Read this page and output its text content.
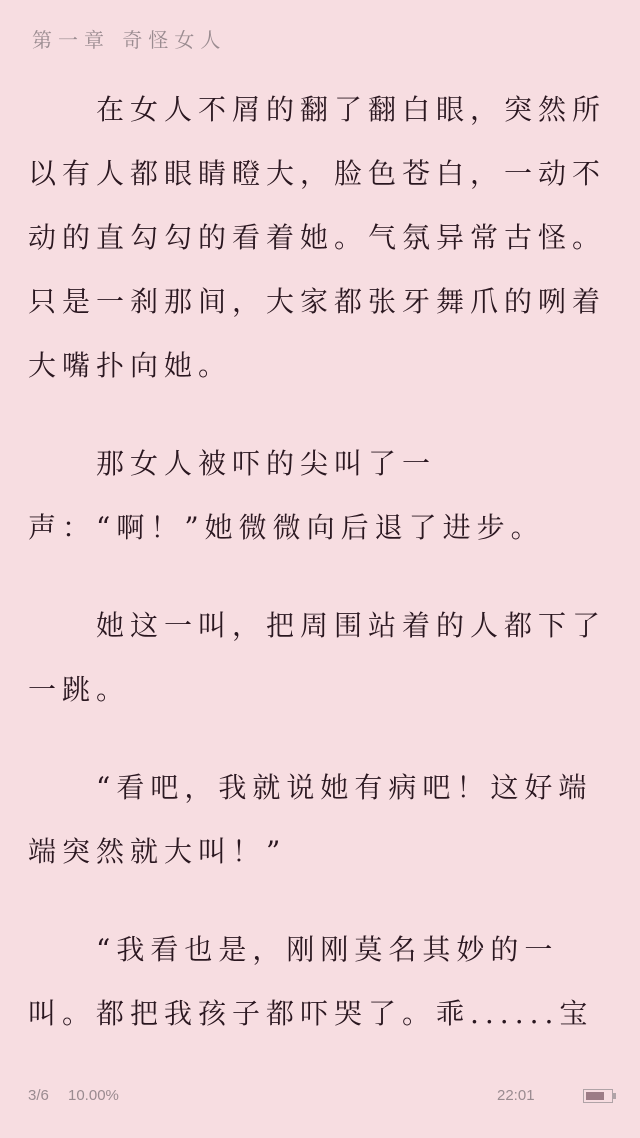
第一章 奇怪女人

在女人不屑的翻了翻白眼，突然所以有人都眼睛瞪大，脸色苍白，一动不动的直勾勾的看着她。气氛异常古怪。只是一刹那间，大家都张牙舞爪的咧着大嘴扑向她。

那女人被吓的尖叫了一声：“啊！”她微微向后退了进步。

她这一叫，把周围站着的人都下了一跳。

“看吧，我就说她有病吧！这好端端突然就大叫！”

“我看也是，刚刚莫名其妙的一叫。都把我孩子都吓哭了。乖......宝

3/6 10.00%	22:01
